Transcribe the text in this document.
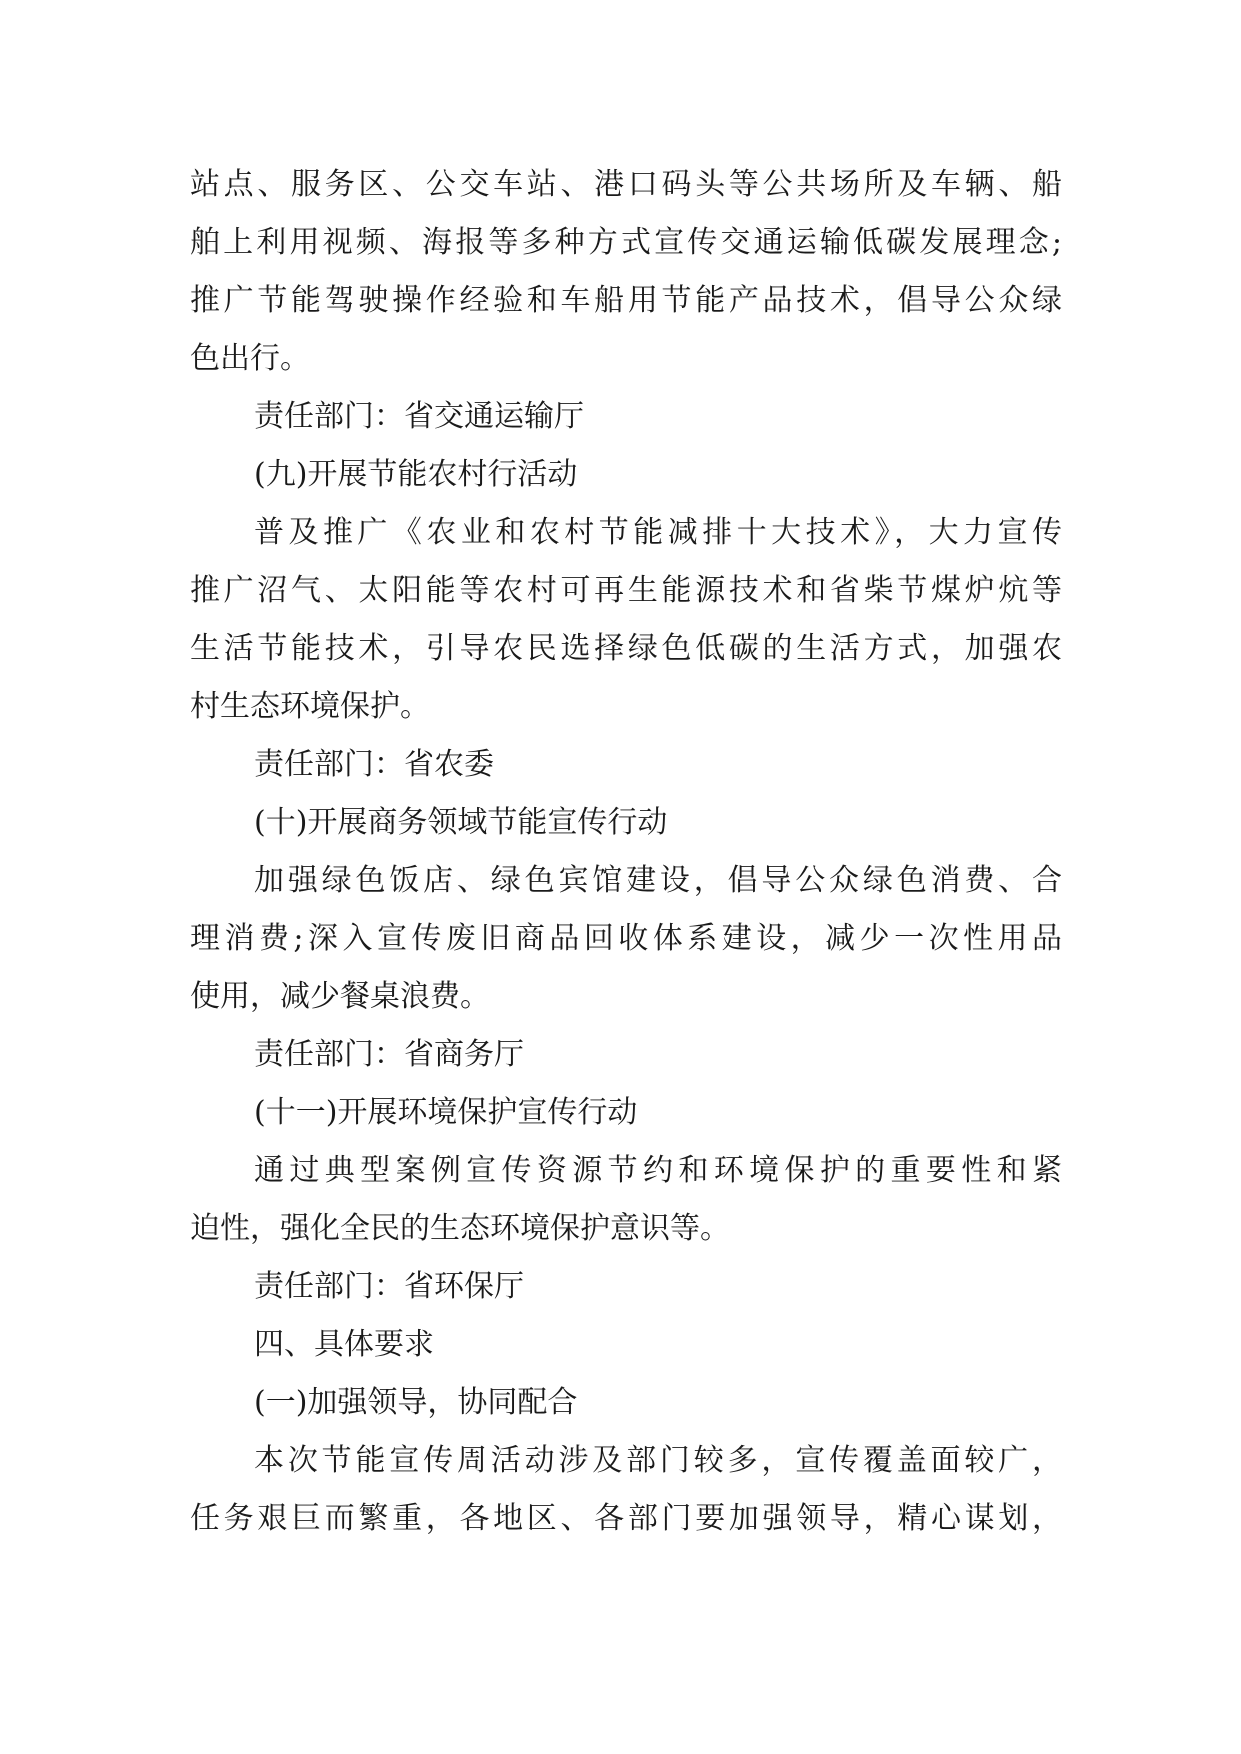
站点、服务区、公交车站、港口码头等公共场所及车辆、船
舶上利用视频、海报等多种方式宣传交通运输低碳发展理念;
推广节能驾驶操作经验和车船用节能产品技术，倡导公众绿
色出行。
责任部门：省交通运输厅
(九)开展节能农村行活动
普及推广《农业和农村节能减排十大技术》，大力宣传
推广沼气、太阳能等农村可再生能源技术和省柴节煤炉炕等
生活节能技术，引导农民选择绿色低碳的生活方式，加强农
村生态环境保护。
责任部门：省农委
(十)开展商务领域节能宣传行动
加强绿色饭店、绿色宾馆建设，倡导公众绿色消费、合
理消费;深入宣传废旧商品回收体系建设，减少一次性用品
使用，减少餐桌浪费。
责任部门：省商务厅
(十一)开展环境保护宣传行动
通过典型案例宣传资源节约和环境保护的重要性和紧
迫性，强化全民的生态环境保护意识等。
责任部门：省环保厅
四、具体要求
(一)加强领导，协同配合
本次节能宣传周活动涉及部门较多，宣传覆盖面较广，
任务艰巨而繁重，各地区、各部门要加强领导，精心谋划，
